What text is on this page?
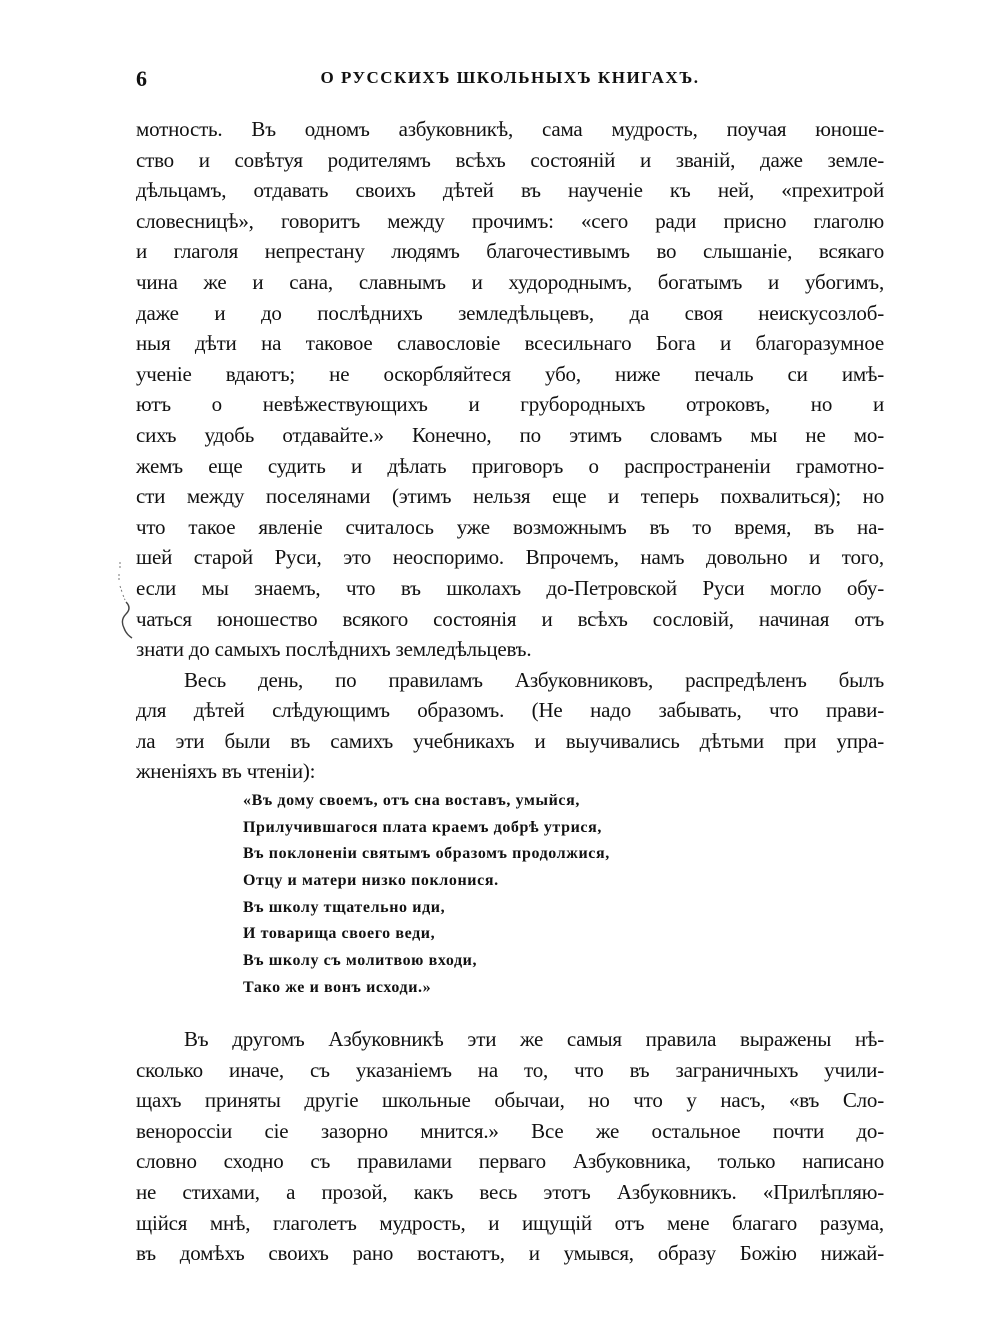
6	О РУССКИХЪ ШКОЛЬНЫХЪ КНИГАХЪ.
мотность. Въ одномъ азбуковникѣ, сама мудрость, поучая юноше-
ство и совѣтуя родителямъ всѣхъ состояній и званій, даже земле-
дѣльцамъ, отдавать своихъ дѣтей въ наученіе къ ней, «прехитрой
словесницѣ», говоритъ между прочимъ: «сего ради присно глаголю
и глаголя непрестану людямъ благочестивымъ во слышаніе, всякаго
чина же и сана, славнымъ и худороднымъ, богатымъ и убогимъ,
даже и до послѣднихъ земледѣльцевъ, да своя неискусозлоб-
ныя дѣти на таковое славословіе всесильнаго Бога и благоразумное
ученіе вдаютъ; не оскорбляйтеся убо, ниже печаль си имѣ-
ютъ о невѣжествующихъ и грубородныхъ отроковъ, но и
сихъ удобь отдавайте.» Конечно, по этимъ словамъ мы не мо-
жемъ еще судить и дѣлать приговоръ о распространеніи грамотно-
сти между поселянами (этимъ нельзя еще и теперь похвалиться); но
что такое явленіе считалось уже возможнымъ въ то время, въ на-
шей старой Руси, это неоспоримо. Впрочемъ, намъ довольно и того,
если мы знаемъ, что въ школахъ до-Петровской Руси могло обу-
чаться юношество всякого состоянія и всѣхъ сословій, начиная отъ
знати до самыхъ послѣднихъ земледѣльцевъ.
Весь день, по правиламъ Азбуковниковъ, распредѣленъ былъ
для дѣтей слѣдующимъ образомъ. (Не надо забывать, что прави-
ла эти были въ самихъ учебникахъ и выучивались дѣтьми при упра-
жненіяхъ въ чтеніи):
«Въ дому своемъ, отъ сна воставъ, умыйся,
Прилучившагося плата краемъ добрѣ утрися,
Въ поклоненіи святымъ образомъ продолжися,
Отцу и матери низко поклонися.
Въ школу тщательно иди,
И товарища своего веди,
Въ школу съ молитвою входи,
Тако же и вонъ исходи.»
Въ другомъ Азбуковникѣ эти же самыя правила выражены нѣ-
сколько иначе, съ указаніемъ на то, что въ заграничныхъ учили-
щахъ приняты другіе школьные обычаи, но что у насъ, «въ Сло-
венороссіи сіе зазорно мнится.» Все же остальное почти до-
словно сходно съ правилами перваго Азбуковника, только написано
не стихами, а прозой, какъ весь этотъ Азбуковникъ. «Прилѣпляю-
щійся мнѣ, глаголетъ мудрость, и ищущій отъ мене благаго разума,
въ домѣхъ своихъ рано востаютъ, и умывся, образу Божію нижай-
